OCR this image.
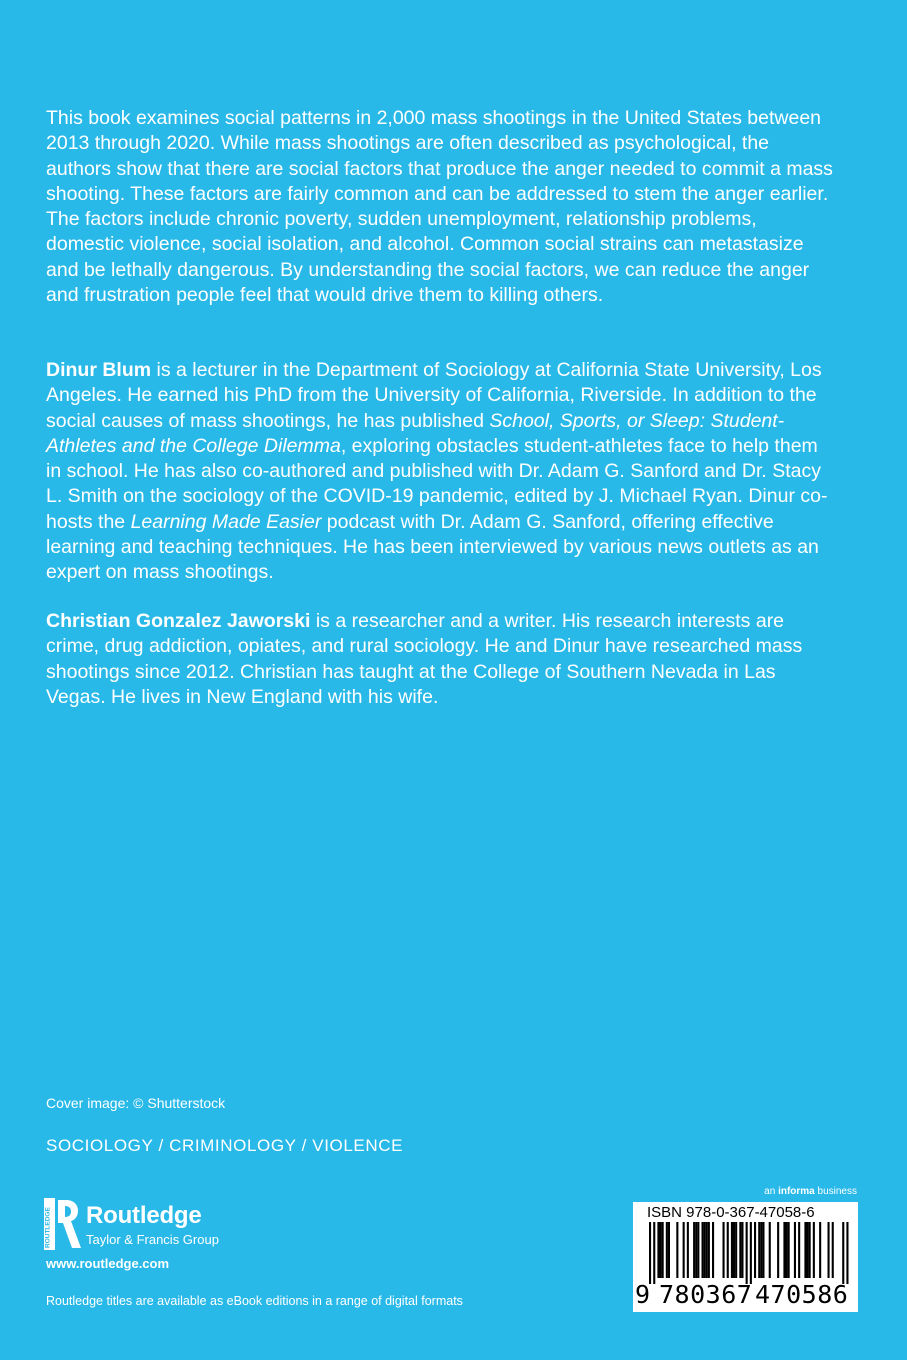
This book examines social patterns in 2,000 mass shootings in the United States between 2013 through 2020. While mass shootings are often described as psychological, the authors show that there are social factors that produce the anger needed to commit a mass shooting. These factors are fairly common and can be addressed to stem the anger earlier. The factors include chronic poverty, sudden unemployment, relationship problems, domestic violence, social isolation, and alcohol. Common social strains can metastasize and be lethally dangerous. By understanding the social factors, we can reduce the anger and frustration people feel that would drive them to killing others.

Dinur Blum is a lecturer in the Department of Sociology at California State University, Los Angeles. He earned his PhD from the University of California, Riverside. In addition to the social causes of mass shootings, he has published School, Sports, or Sleep: Student-Athletes and the College Dilemma, exploring obstacles student-athletes face to help them in school. He has also co-authored and published with Dr. Adam G. Sanford and Dr. Stacy L. Smith on the sociology of the COVID-19 pandemic, edited by J. Michael Ryan. Dinur co-hosts the Learning Made Easier podcast with Dr. Adam G. Sanford, offering effective learning and teaching techniques. He has been interviewed by various news outlets as an expert on mass shootings.

Christian Gonzalez Jaworski is a researcher and a writer. His research interests are crime, drug addiction, opiates, and rural sociology. He and Dinur have researched mass shootings since 2012. Christian has taught at the College of Southern Nevada in Las Vegas. He lives in New England with his wife.

Cover image: © Shutterstock
SOCIOLOGY / CRIMINOLOGY / VIOLENCE
ROUTLEDGE Routledge
Taylor & Francis Group
www.routledge.com
Routledge titles are available as eBook editions in a range of digital formats
an informa business
ISBN 978-0-367-47058-6
9 780367 470586
